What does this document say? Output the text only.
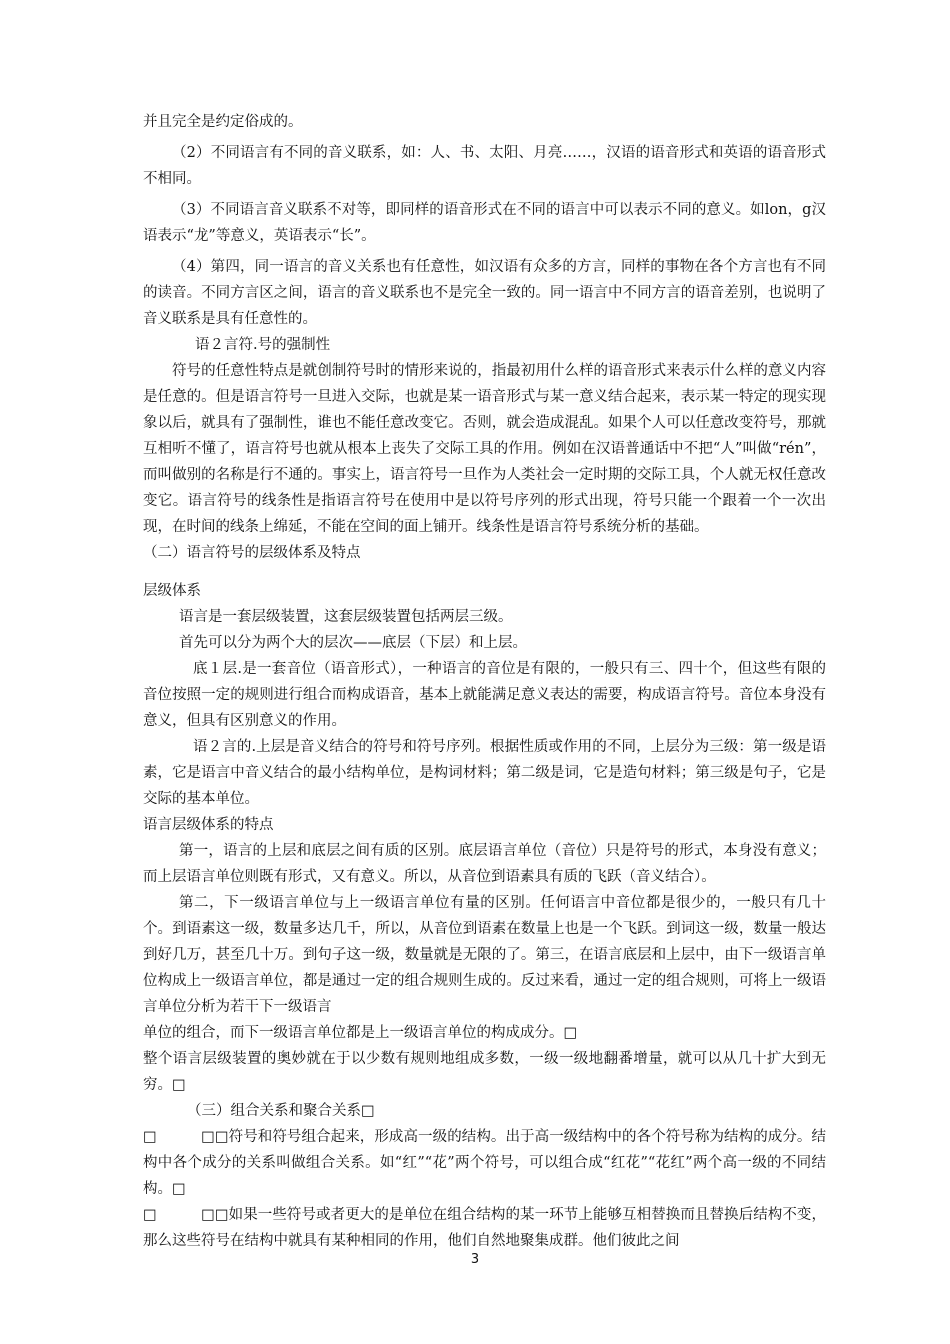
并且完全是约定俗成的。

（2）不同语言有不同的音义联系，如：人、书、太阳、月亮……，汉语的语音形式和英语的语音形式不相同。

（3）不同语言音义联系不对等，即同样的语音形式在不同的语言中可以表示不同的意义。如lon，g汉语表示“龙”等意义，英语表示“长”。

（4）第四，同一语言的音义关系也有任意性，如汉语有众多的方言，同样的事物在各个方言也有不同的读音。不同方言区之间，语言的音义联系也不是完全一致的。同一语言中不同方言的语音差别，也说明了音义联系是具有任意性的。

语２言符.号的强制性

符号的任意性特点是就创制符号时的情形来说的，指最初用什么样的语音形式来表示什么样的意义内容是任意的。但是语言符号一旦进入交际，也就是某一语音形式与某一意义结合起来，表示某一特定的现实现象以后，就具有了强制性，谁也不能任意改变它。否则，就会造成混乱。如果个人可以任意改变符号，那就互相听不懂了，语言符号也就从根本上丧失了交际工具的作用。例如在汉语普通话中不把“人”叫做“rén”，而叫做别的名称是行不通的。事实上，语言符号一旦作为人类社会一定时期的交际工具，个人就无权任意改变它。语言符号的线条性是指语言符号在使用中是以符号序列的形式出现，符号只能一个跟着一个一次出现，在时间的线条上绵延，不能在空间的面上铺开。线条性是语言符号系统分析的基础。

（二）语言符号的层级体系及特点

层级体系

语言是一套层级装置，这套层级装置包括两层三级。

首先可以分为两个大的层次——底层（下层）和上层。

底１层.是一套音位（语音形式），一种语言的音位是有限的，一般只有三、四十个，但这些有限的音位按照一定的规则进行组合而构成语音，基本上就能满足意义表达的需要，构成语言符号。音位本身没有意义，但具有区别意义的作用。

语２言的.上层是音义结合的符号和符号序列。根据性质或作用的不同，上层分为三级：第一级是语素，它是语言中音义结合的最小结构单位，是构词材料；第二级是词，它是造句材料；第三级是句子，它是交际的基本单位。

语言层级体系的特点

第一，语言的上层和底层之间有质的区别。底层语言单位（音位）只是符号的形式，本身没有意义；而上层语言单位则既有形式，又有意义。所以，从音位到语素具有质的飞跃（音义结合）。

第二，下一级语言单位与上一级语言单位有量的区别。任何语言中音位都是很少的，一般只有几十个。到语素这一级，数量多达几千，所以，从音位到语素在数量上也是一个飞跃。到词这一级，数量一般达到好几万，甚至几十万。到句子这一级，数量就是无限的了。第三，在语言底层和上层中，由下一级语言单位构成上一级语言单位，都是通过一定的组合规则生成的。反过来看，通过一定的组合规则，可将上一级语言单位分析为若干下一级语言

单位的组合，而下一级语言单位都是上一级语言单位的构成成分。□

整个语言层级装置的奥妙就在于以少数有规则地组成多数，一级一级地翻番增量，就可以从几十扩大到无穷。□

（三）组合关系和聚合关系□

□	□□符号和符号组合起来，形成高一级的结构。出于高一级结构中的各个符号称为结构的成分。结构中各个成分的关系叫做组合关系。如“红”“花”两个符号，可以组合成“红花”“花红”两个高一级的不同结构。□

□	□□如果一些符号或者更大的是单位在组合结构的某一环节上能够互相替换而且替换后结构不变，那么这些符号在结构中就具有某种相同的作用，他们自然地聚集成群。他们彼此之间

3
